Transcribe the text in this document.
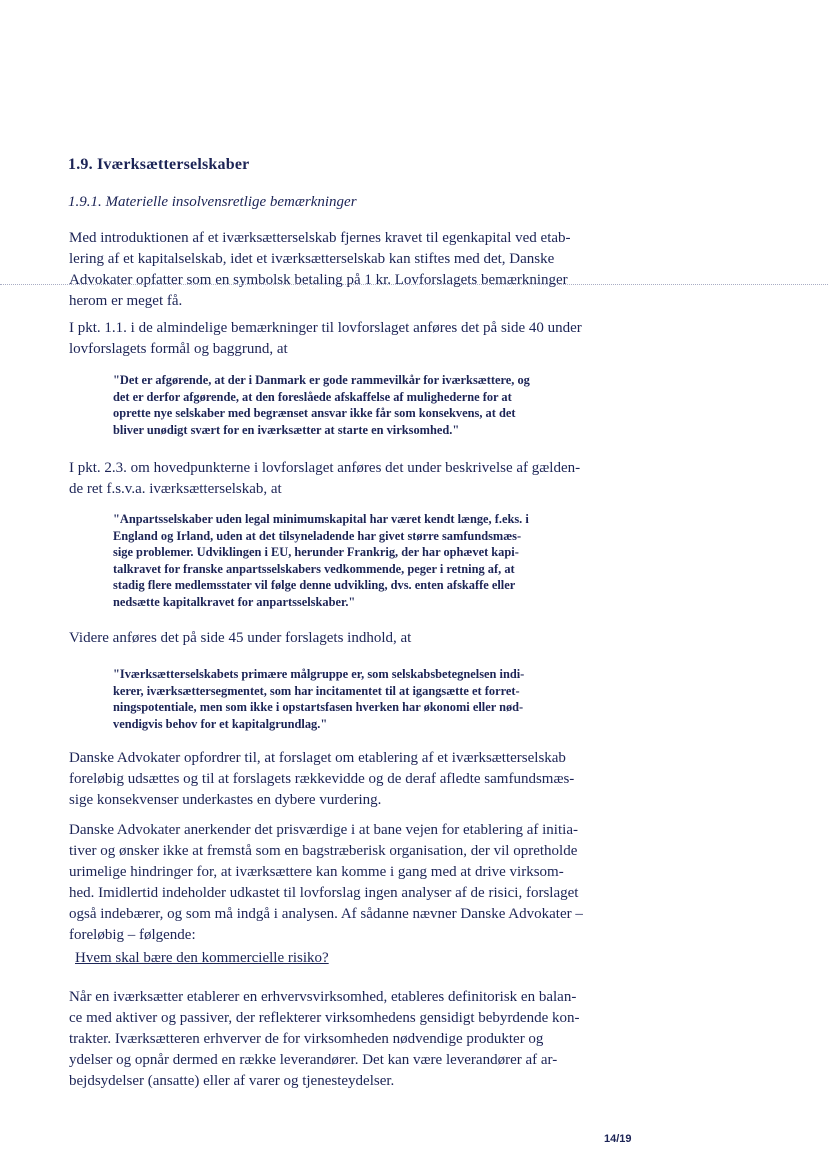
1.9. Iværksætterselskaber
1.9.1. Materielle insolvensretlige bemærkninger
Med introduktionen af et iværksætterselskab fjernes kravet til egenkapital ved etab-
lering af et kapitalselskab, idet et iværksætterselskab kan stiftes med det, Danske
Advokater opfatter som en symbolsk betaling på 1 kr. Lovforslagets bemærkninger
herom er meget få.
I pkt. 1.1. i de almindelige bemærkninger til lovforslaget anføres det på side 40 under
lovforslagets formål og baggrund, at
"Det er afgørende, at der i Danmark er gode rammevilkår for iværksættere, og
det er derfor afgørende, at den foreslåede afskaffelse af mulighederne for at
oprette nye selskaber med begrænset ansvar ikke får som konsekvens, at det
bliver unødigt svært for en iværksætter at starte en virksomhed."
I pkt. 2.3. om hovedpunkterne i lovforslaget anføres det under beskrivelse af gælden-
de ret f.s.v.a. iværksætterselskab, at
"Anpartsselskaber uden legal minimumskapital har været kendt længe, f.eks. i
England og Irland, uden at det tilsyneladende har givet større samfundsmæs-
sige problemer. Udviklingen i EU, herunder Frankrig, der har ophævet kapi-
talkravet for franske anpartsselskabers vedkommende, peger i retning af, at
stadig flere medlemsstater vil følge denne udvikling, dvs. enten afskaffe eller
nedsætte kapitalkravet for anpartsselskaber."
Videre anføres det på side 45 under forslagets indhold, at
"Iværksætterselskabets primære målgruppe er, som selskabsbetegnelsen indi-
kerer, iværksættersegmentet, som har incitamentet til at igangsætte et forret-
ningspotentiale, men som ikke i opstartsfasen hverken har økonomi eller nød-
vendigvis behov for et kapitalgrundlag."
Danske Advokater opfordrer til, at forslaget om etablering af et iværksætterselskab
foreløbig udsættes og til at forslagets rækkevidde og de deraf afledte samfundsmæs-
sige konsekvenser underkastes en dybere vurdering.
Danske Advokater anerkender det prisværdige i at bane vejen for etablering af initia-
tiver og ønsker ikke at fremstå som en bagstræberisk organisation, der vil opretholde
urimelige hindringer for, at iværksættere kan komme i gang med at drive virksom-
hed. Imidlertid indeholder udkastet til lovforslag ingen analyser af de risici, forslaget
også indebærer, og som må indgå i analysen. Af sådanne nævner Danske Advokater –
foreløbig – følgende:
Hvem skal bære den kommercielle risiko?
Når en iværksætter etablerer en erhvervsvirksomhed, etableres definitorisk en balan-
ce med aktiver og passiver, der reflekterer virksomhedens gensidigt bebyrdende kon-
trakter. Iværksætteren erhverver de for virksomheden nødvendige produkter og
ydelser og opnår dermed en række leverandører. Det kan være leverandører af ar-
bejdsydelser (ansatte) eller af varer og tjenesteydelser.
14/19
